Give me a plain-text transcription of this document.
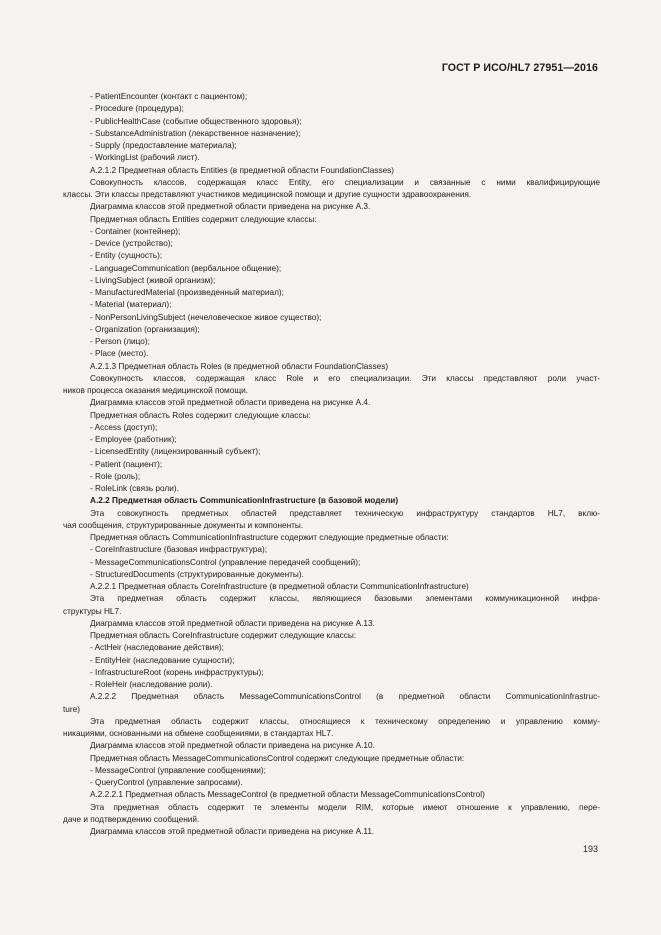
ГОСТ Р ИСО/HL7 27951—2016
- PatientEncounter (контакт с пациентом);
- Procedure (процедура);
- PublicHealthCase (событие общественного здоровья);
- SubstanceAdministration (лекарственное назначение);
- Supply (предоставление материала);
- WorkingList (рабочий лист).
A.2.1.2 Предметная область Entities (в предметной области FoundationClasses)
Совокупность классов, содержащая класс Entity, его специализации и связанные с ними квалифицирующие
классы. Эти классы представляют участников медицинской помощи и другие сущности здравоохранения.
Диаграмма классов этой предметной области приведена на рисунке A.3.
Предметная область Entities содержит следующие классы:
- Container (контейнер);
- Device (устройство);
- Entity (сущность);
- LanguageCommunication (вербальное общение);
- LivingSubject (живой организм);
- ManufacturedMaterial (произведенный материал);
- Material (материал);
- NonPersonLivingSubject (нечеловеческое живое существо);
- Organization (организация);
- Person (лицо);
- Place (место).
A.2.1.3 Предметная область Roles (в предметной области FoundationClasses)
Совокупность классов, содержащая класс Role и его специализации. Эти классы представляют роли участ-
ников процесса оказания медицинской помощи.
Диаграмма классов этой предметной области приведена на рисунке A.4.
Предметная область Roles содержит следующие классы:
- Access (доступ);
- Employee (работник);
- LicensedEntity (лицензированный субъект);
- Patient (пациент);
- Role (роль);
- RoleLink (связь роли).
A.2.2 Предметная область CommunicationInfrastructure (в базовой модели)
Эта совокупность предметных областей представляет техническую инфраструктуру стандартов HL7, вклю-
чая сообщения, структурированные документы и компоненты.
Предметная область CommunicationInfrastructure содержит следующие предметные области:
- CoreInfrastructure (базовая инфраструктура);
- MessageCommunicationsControl (управление передачей сообщений);
- StructuredDocuments (структурированные документы).
A.2.2.1 Предметная область CoreInfrastructure (в предметной области CommunicationInfrastructure)
Эта предметная область содержит классы, являющиеся базовыми элементами коммуникационной инфра-
структуры HL7.
Диаграмма классов этой предметной области приведена на рисунке A.13.
Предметная область CoreInfrastructure содержит следующие классы:
- ActHeir (наследование действия);
- EntityHeir (наследование сущности);
- InfrastructureRoot (корень инфраструктуры);
- RoleHeir (наследование роли).
A.2.2.2 Предметная область MessageCommunicationsControl (в предметной области CommunicationInfrastruc-
ture)
Эта предметная область содержит классы, относящиеся к техническому определению и управлению комму-
никациями, основанными на обмене сообщениями, в стандартах HL7.
Диаграмма классов этой предметной области приведена на рисунке A.10.
Предметная область MessageCommunicationsControl содержит следующие предметные области:
- MessageControl (управление сообщениями);
- QueryControl (управление запросами).
A.2.2.2.1 Предметная область MessageControl (в предметной области MessageCommunicationsControl)
Эта предметная область содержит те элементы модели RIM, которые имеют отношение к управлению, пере-
даче и подтверждению сообщений.
Диаграмма классов этой предметной области приведена на рисунке A.11.
193
